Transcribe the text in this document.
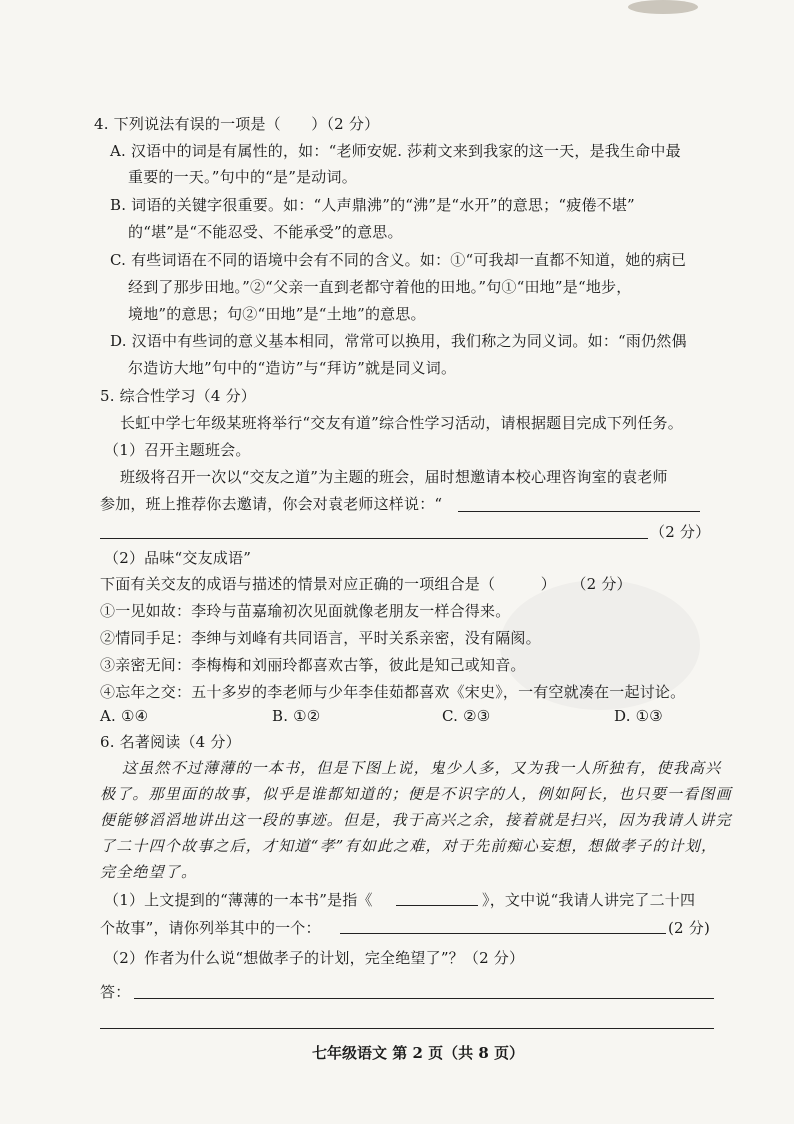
4. 下列说法有误的一项是（　　）（2 分）
A. 汉语中的词是有属性的，如：“老师安妮. 莎莉文来到我家的这一天，是我生命中最
重要的一天。”句中的“是”是动词。
B. 词语的关键字很重要。如：“人声鼎沸”的“沸”是“水开”的意思；“疲倦不堪”
的“堪”是“不能忍受、不能承受”的意思。
C. 有些词语在不同的语境中会有不同的含义。如：①“可我却一直都不知道，她的病已
经到了那步田地。”②“父亲一直到老都守着他的田地。”句①“田地”是“地步，
境地”的意思；句②“田地”是“土地”的意思。
D. 汉语中有些词的意义基本相同，常常可以换用，我们称之为同义词。如：“雨仍然偶
尔造访大地”句中的“造访”与“拜访”就是同义词。
5. 综合性学习（4 分）
长虹中学七年级某班将举行“交友有道”综合性学习活动，请根据题目完成下列任务。
（1）召开主题班会。
班级将召开一次以“交友之道”为主题的班会，届时想邀请本校心理咨询室的袁老师
参加，班上推荐你去邀请，你会对袁老师这样说：“
（2 分）
（2）品味“交友成语”
下面有关交友的成语与描述的情景对应正确的一项组合是（　　　）　　（2 分）
①一见如故：李玲与苗嘉瑜初次见面就像老朋友一样合得来。
②情同手足：李绅与刘峰有共同语言，平时关系亲密，没有隔阂。
③亲密无间：李梅梅和刘丽玲都喜欢古筝，彼此是知己或知音。
④忘年之交：五十多岁的李老师与少年李佳茹都喜欢《宋史》，一有空就凑在一起讨论。
A. ①④	B. ①②	C. ②③	D. ①③
6. 名著阅读（4 分）
这虽然不过薄薄的一本书，但是下图上说，鬼少人多，又为我一人所独有，使我高兴
极了。那里面的故事，似乎是谁都知道的；便是不识字的人，例如阿长，也只要一看图画
便能够滔滔地讲出这一段的事迹。但是，我于高兴之余，接着就是扫兴，因为我请人讲完
了二十四个故事之后，才知道“孝”有如此之难，对于先前痴心妄想，想做孝子的计划，
完全绝望了。
（1）上文提到的“薄薄的一本书”是指《	》，文中说“我请人讲完了二十四
个故事”，请你列举其中的一个：	(2 分)
（2）作者为什么说“想做孝子的计划，完全绝望了”？（2 分）
答：
七年级语文 第 2 页（共 8 页）
